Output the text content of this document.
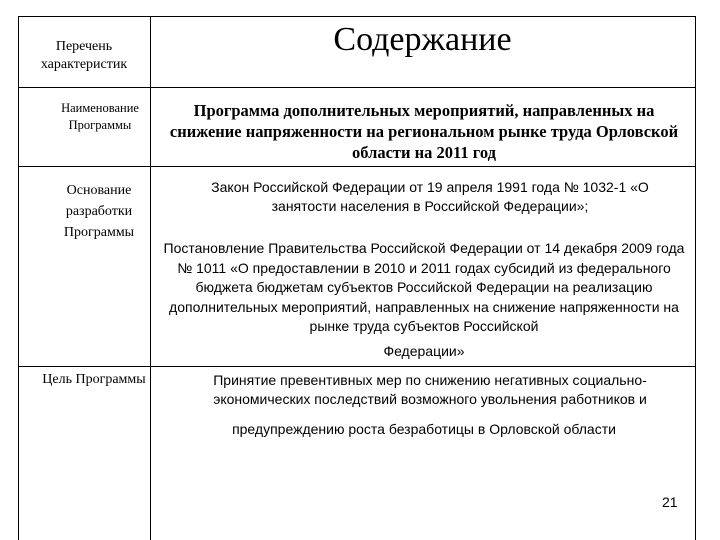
Перечень характеристик
Содержание
Наименование Пpограммы
Программа дополнительных мероприятий, направленных на снижение напряженности на региональном рынке труда Орловской области на 2011 год
Основание разработки Программы
Закон Российской Федерации от 19 апреля 1991 года № 1032-1 «О занятости населения в Российской Федерации»;
Постановление Правительства Российской Федерации от 14 декабря 2009 года № 1011 «О предоставлении в 2010 и 2011 годах субсидий из федерального бюджета бюджетам субъектов Российской Федерации на реализацию дополнительных мероприятий, направленных на снижение напряженности на рынке труда субъектов Российской
Федерации»
Цель Программы	Принятие превентивных мер по снижению негативных социально-экономических последствий возможного увольнения работников и
предупреждению роста безработицы в Орловской области
21
